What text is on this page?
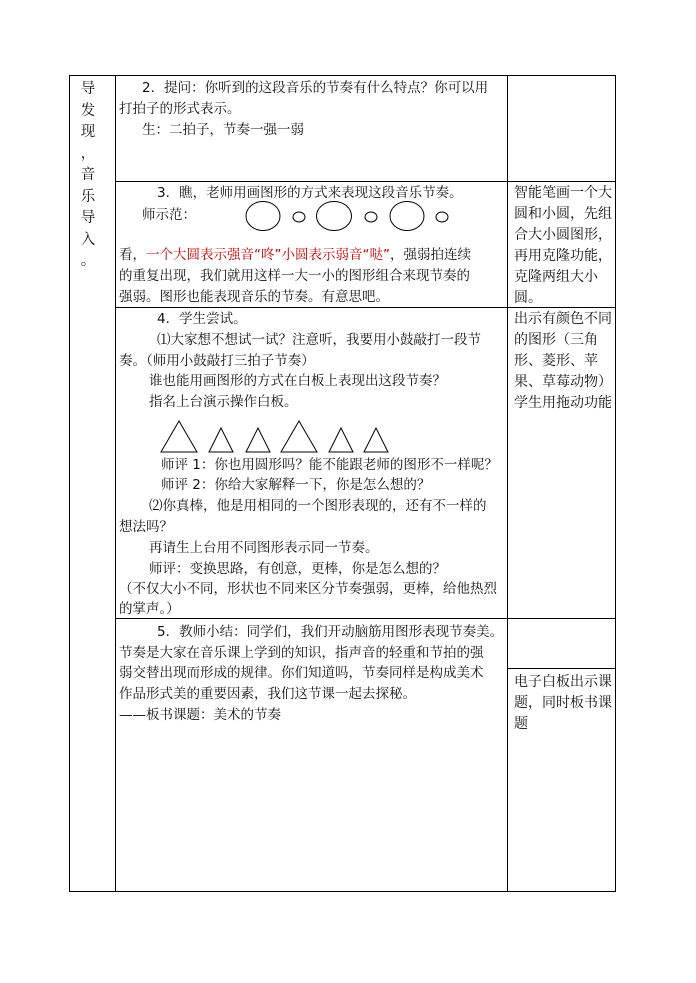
导
发
现
，
音
乐
导
入
。
2．提问：你听到的这段音乐的节奏有什么特点？你可以用
打拍子的形式表示。
生：二拍子，节奏一强一弱
3．瞧，老师用画图形的方式来表现这段音乐节奏。
师示范：
看，一个大圆表示强音“咚”小圆表示弱音“哒”，强弱拍连续
的重复出现，我们就用这样一大一小的图形组合来现节奏的
强弱。图形也能表现音乐的节奏。有意思吧。
智能笔画一个大圆和小圆，先组合大小圆图形，再用克隆功能，克隆两组大小圆。
4．学生尝试。
⑴大家想不想试一试？注意听，我要用小鼓敲打一段节
奏。（师用小鼓敲打三拍子节奏）
谁也能用画图形的方式在白板上表现出这段节奏？
指名上台演示操作白板。
师评 1：你也用圆形吗？能不能跟老师的图形不一样呢？
师评 2：你给大家解释一下，你是怎么想的？
⑵你真棒，他是用相同的一个图形表现的，还有不一样的
想法吗？
再请生上台用不同图形表示同一节奏。
师评：变换思路，有创意，更棒，你是怎么想的？
（不仅大小不同，形状也不同来区分节奏强弱，更棒，给他热烈
的掌声。）
出示有颜色不同的图形（三角形、菱形、苹果、草莓动物）
学生用拖动功能
5．教师小结：同学们，我们开动脑筋用图形表现节奏美。
节奏是大家在音乐课上学到的知识，指声音的轻重和节拍的强
弱交替出现而形成的规律。你们知道吗，节奏同样是构成美术
作品形式美的重要因素，我们这节课一起去探秘。
——板书课题：美术的节奏
电子白板出示课题，同时板书课题
